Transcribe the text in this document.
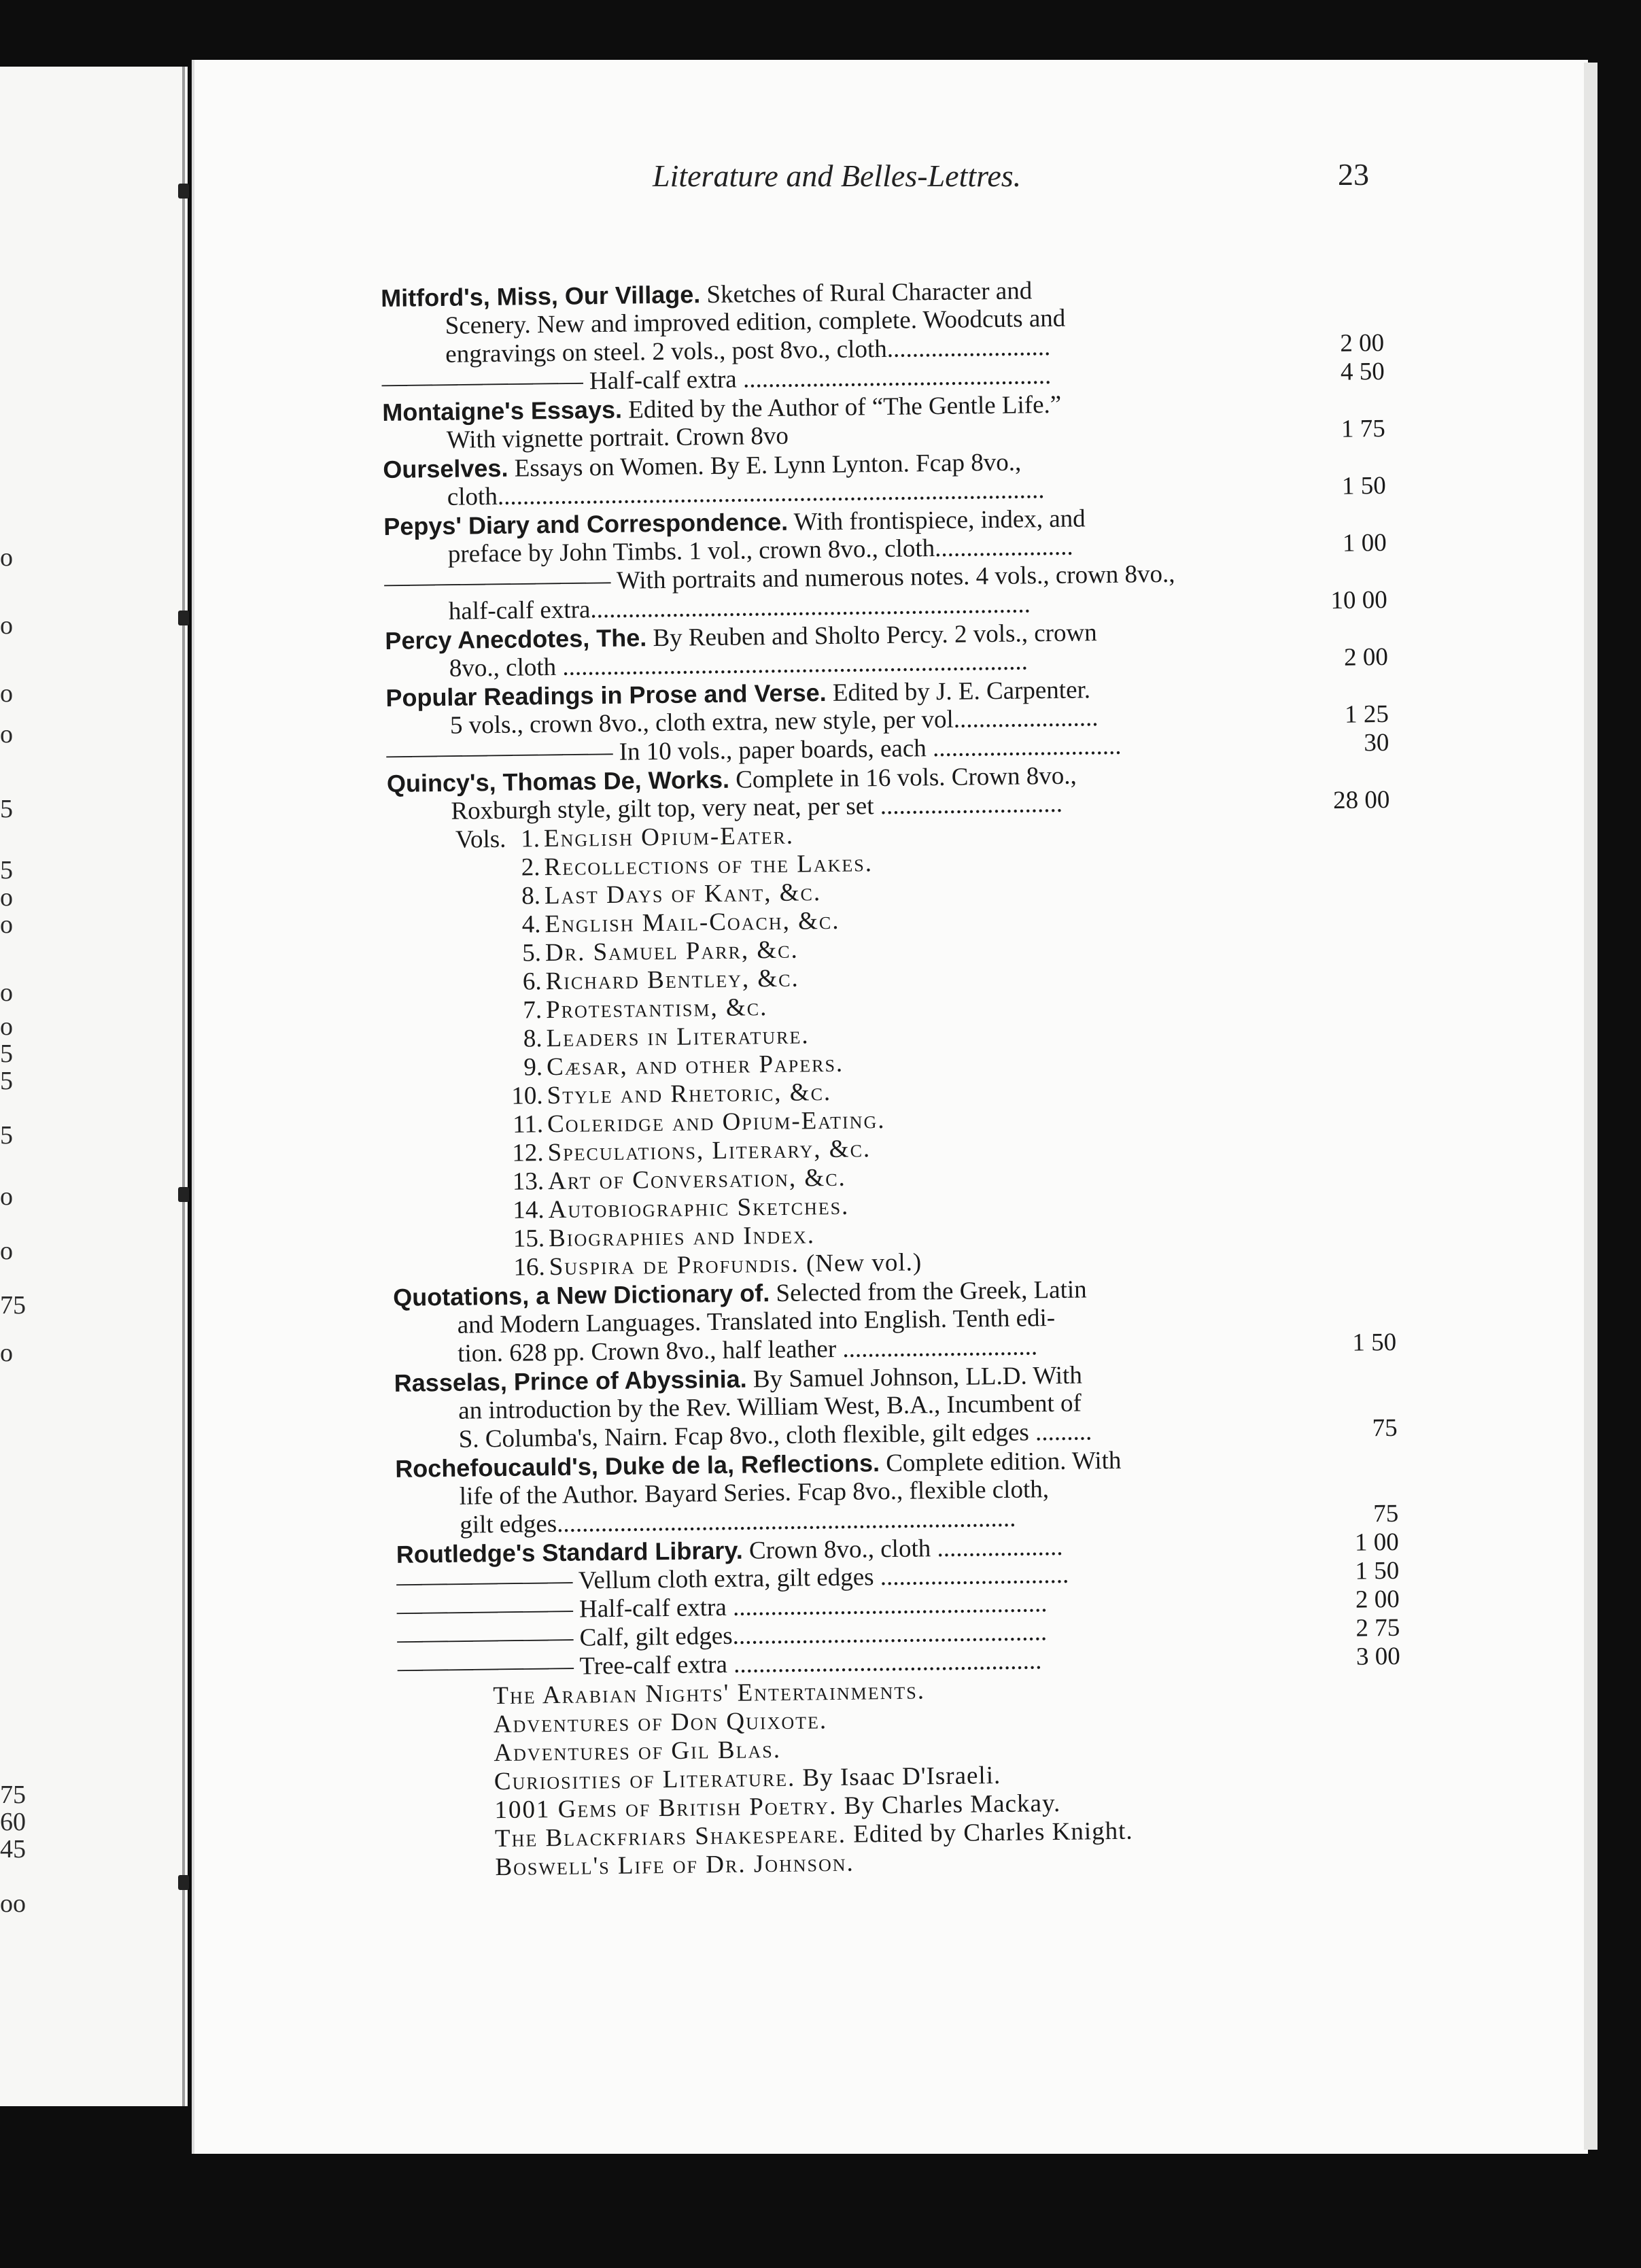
o
o
o
o
5
5
o
o
o
o
5
5
5
o
o
75
o
75
60
45
oo
Literature and Belles-Lettres.	23
Mitford's, Miss, Our Village. Sketches of Rural Character and
Scenery. New and improved edition, complete. Woodcuts and
engravings on steel. 2 vols., post 8vo., cloth..........................	2 00
———————— Half-calf extra .................................................	4 50
Montaigne's Essays. Edited by the Author of “The Gentle Life.”
With vignette portrait. Crown 8vo	1 75
Ourselves. Essays on Women. By E. Lynn Lynton. Fcap 8vo.,
cloth.......................................................................................	1 50
Pepys' Diary and Correspondence. With frontispiece, index, and
preface by John Timbs. 1 vol., crown 8vo., cloth......................	1 00
————————— With portraits and numerous notes. 4 vols., crown 8vo.,
half-calf extra......................................................................	10 00
Percy Anecdotes, The. By Reuben and Sholto Percy. 2 vols., crown
8vo., cloth ..........................................................................	2 00
Popular Readings in Prose and Verse. Edited by J. E. Carpenter.
5 vols., crown 8vo., cloth extra, new style, per vol.......................	1 25
————————— In 10 vols., paper boards, each ..............................	30
Quincy's, Thomas De, Works. Complete in 16 vols. Crown 8vo.,
Roxburgh style, gilt top, very neat, per set .............................	28 00
Vols. 1. English Opium-Eater.
2. Recollections of the Lakes.
8. Last Days of Kant, &c.
4. English Mail-Coach, &c.
5. Dr. Samuel Parr, &c.
6. Richard Bentley, &c.
7. Protestantism, &c.
8. Leaders in Literature.
9. Cæsar, and other Papers.
10. Style and Rhetoric, &c.
11. Coleridge and Opium-Eating.
12. Speculations, Literary, &c.
13. Art of Conversation, &c.
14. Autobiographic Sketches.
15. Biographies and Index.
16. Suspira de Profundis. (New vol.)
Quotations, a New Dictionary of. Selected from the Greek, Latin
and Modern Languages. Translated into English. Tenth edi-
tion. 628 pp. Crown 8vo., half leather ...............................	1 50
Rasselas, Prince of Abyssinia. By Samuel Johnson, LL.D. With
an introduction by the Rev. William West, B.A., Incumbent of
S. Columba's, Nairn. Fcap 8vo., cloth flexible, gilt edges .........	75
Rochefoucauld's, Duke de la, Reflections. Complete edition. With
life of the Author. Bayard Series. Fcap 8vo., flexible cloth,
gilt edges.........................................................................	75
Routledge's Standard Library. Crown 8vo., cloth ....................	1 00
——————— Vellum cloth extra, gilt edges ..............................	1 50
——————— Half-calf extra ..................................................	2 00
——————— Calf, gilt edges..................................................	2 75
——————— Tree-calf extra .................................................	3 00
The Arabian Nights' Entertainments.
Adventures of Don Quixote.
Adventures of Gil Blas.
Curiosities of Literature. By Isaac D'Israeli.
1001 Gems of British Poetry. By Charles Mackay.
The Blackfriars Shakespeare. Edited by Charles Knight.
Boswell's Life of Dr. Johnson.
